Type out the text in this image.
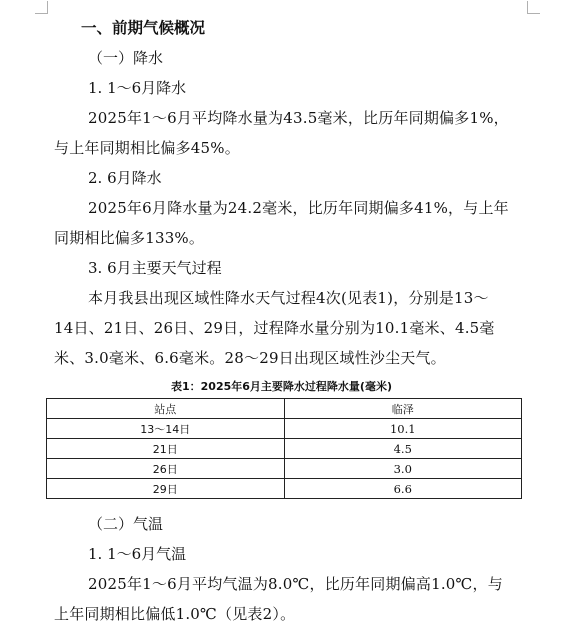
一、前期气候概况
（一）降水
1. 1～6月降水
2025年1～6月平均降水量为43.5毫米，比历年同期偏多1%，
与上年同期相比偏多45%。
2. 6月降水
2025年6月降水量为24.2毫米，比历年同期偏多41%，与上年
同期相比偏多133%。
3. 6月主要天气过程
本月我县出现区域性降水天气过程4次(见表1)，分别是13～
14日、21日、26日、29日，过程降水量分别为10.1毫米、4.5毫
米、3.0毫米、6.6毫米。28～29日出现区域性沙尘天气。
表1：2025年6月主要降水过程降水量(毫米)
站点	临泽
13～14日	10.1
21日	4.5
26日	3.0
29日	6.6
（二）气温
1. 1～6月气温
2025年1～6月平均气温为8.0℃，比历年同期偏高1.0℃，与
上年同期相比偏低1.0℃（见表2）。
